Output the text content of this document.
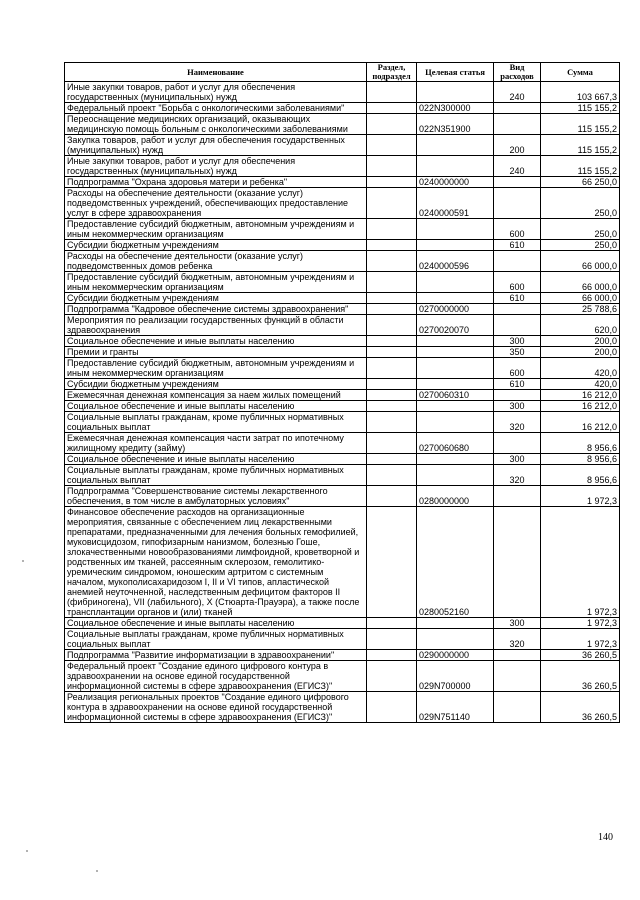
Наименование	Раздел, подраздел	Целевая статья	Вид расходов	Сумма
Иные закупки товаров, работ и услуг для обеспечения государственных (муниципальных) нужд			240	103 667,3
Федеральный проект "Борьба с онкологическими заболеваниями"		022N300000		115 155,2
Переоснащение медицинских организаций, оказывающих медицинскую помощь больным с онкологическими заболеваниями		022N351900		115 155,2
Закупка товаров, работ и услуг для обеспечения государственных (муниципальных) нужд			200	115 155,2
Иные закупки товаров, работ и услуг для обеспечения государственных (муниципальных) нужд			240	115 155,2
Подпрограмма "Охрана здоровья матери и ребенка"		0240000000		66 250,0
Расходы на обеспечение деятельности (оказание услуг) подведомственных учреждений, обеспечивающих предоставление услуг в сфере здравоохранения		0240000591		250,0
Предоставление субсидий бюджетным, автономным учреждениям и иным некоммерческим организациям			600	250,0
Субсидии бюджетным учреждениям			610	250,0
Расходы на обеспечение деятельности (оказание услуг) подведомственных домов ребенка		0240000596		66 000,0
Предоставление субсидий бюджетным, автономным учреждениям и иным некоммерческим организациям			600	66 000,0
Субсидии бюджетным учреждениям			610	66 000,0
Подпрограмма "Кадровое обеспечение системы здравоохранения"		0270000000		25 788,6
Мероприятия по реализации государственных функций в области здравоохранения		0270020070		620,0
Социальное обеспечение и иные выплаты населению			300	200,0
Премии и гранты			350	200,0
Предоставление субсидий бюджетным, автономным учреждениям и иным некоммерческим организациям			600	420,0
Субсидии бюджетным учреждениям			610	420,0
Ежемесячная денежная компенсация за наем жилых помещений		0270060310		16 212,0
Социальное обеспечение и иные выплаты населению			300	16 212,0
Социальные выплаты гражданам, кроме публичных нормативных социальных выплат			320	16 212,0
Ежемесячная денежная компенсация части затрат по ипотечному жилищному кредиту (займу)		0270060680		8 956,6
Социальное обеспечение и иные выплаты населению			300	8 956,6
Социальные выплаты гражданам, кроме публичных нормативных социальных выплат			320	8 956,6
Подпрограмма "Совершенствование системы лекарственного обеспечения, в том числе в амбулаторных условиях"		0280000000		1 972,3
Финансовое обеспечение расходов на организационные мероприятия, связанные с обеспечением лиц лекарственными препаратами, предназначенными для лечения больных гемофилией, муковисцидозом, гипофизарным нанизмом, болезнью Гоше, злокачественными новообразованиями лимфоидной, кроветворной и родственных им тканей, рассеянным склерозом, гемолитико-уремическим синдромом, юношеским артритом с системным началом, мукополисахаридозом I, II и VI типов, апластической анемией неуточненной, наследственным дефицитом факторов II (фибриногена), VII (лабильного), X (Стюарта-Прауэра), а также после трансплантации органов и (или) тканей		0280052160		1 972,3
Социальное обеспечение и иные выплаты населению			300	1 972,3
Социальные выплаты гражданам, кроме публичных нормативных социальных выплат			320	1 972,3
Подпрограмма "Развитие информатизации в здравоохранении"		0290000000		36 260,5
Федеральный проект "Создание единого цифрового контура в здравоохранении на основе единой государственной информационной системы в сфере здравоохранения (ЕГИСЗ)"		029N700000		36 260,5
Реализация региональных проектов "Создание единого цифрового контура в здравоохранении на основе единой государственной информационной системы в сфере здравоохранения (ЕГИСЗ)"		029N751140		36 260,5
140
